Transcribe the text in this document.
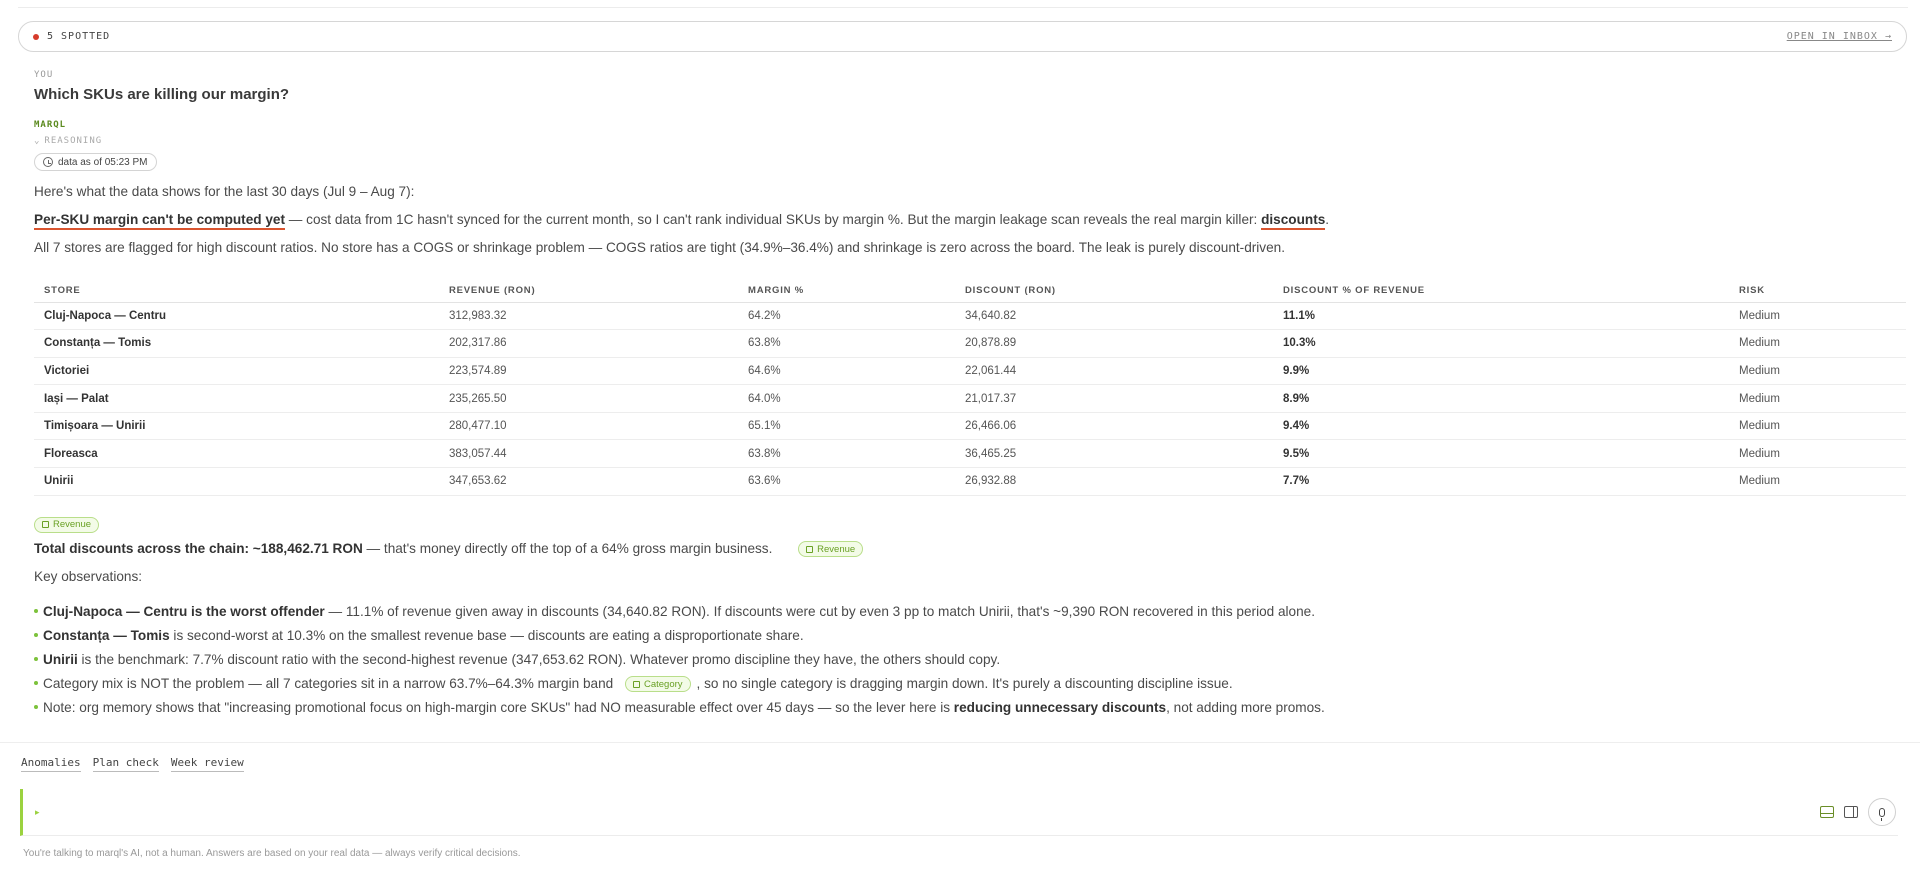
5 SPOTTED	OPEN IN INBOX →
YOU
Which SKUs are killing our margin?
MARQL
⌄ REASONING
data as of 05:23 PM

Here's what the data shows for the last 30 days (Jul 9 – Aug 7):

Per-SKU margin can't be computed yet — cost data from 1C hasn't synced for the current month, so I can't rank individual SKUs by margin %. But the margin leakage scan reveals the real margin killer: discounts.

All 7 stores are flagged for high discount ratios. No store has a COGS or shrinkage problem — COGS ratios are tight (34.9%–36.4%) and shrinkage is zero across the board. The leak is purely discount-driven.

STORE	REVENUE (RON)	MARGIN %	DISCOUNT (RON)	DISCOUNT % OF REVENUE	RISK
Cluj-Napoca — Centru	312,983.32	64.2%	34,640.82	11.1%	Medium
Constanța — Tomis	202,317.86	63.8%	20,878.89	10.3%	Medium
Victoriei	223,574.89	64.6%	22,061.44	9.9%	Medium
Iași — Palat	235,265.50	64.0%	21,017.37	8.9%	Medium
Timișoara — Unirii	280,477.10	65.1%	26,466.06	9.4%	Medium
Floreasca	383,057.44	63.8%	36,465.25	9.5%	Medium
Unirii	347,653.62	63.6%	26,932.88	7.7%	Medium
Revenue

Total discounts across the chain: ~188,462.71 RON — that's money directly off the top of a 64% gross margin business.	Revenue

Key observations:

Cluj-Napoca — Centru is the worst offender — 11.1% of revenue given away in discounts (34,640.82 RON). If discounts were cut by even 3 pp to match Unirii, that's ~9,390 RON recovered in this period alone.
Constanța — Tomis is second-worst at 10.3% on the smallest revenue base — discounts are eating a disproportionate share.
Unirii is the benchmark: 7.7% discount ratio with the second-highest revenue (347,653.62 RON). Whatever promo discipline they have, the others should copy.
Category mix is NOT the problem — all 7 categories sit in a narrow 63.7%–64.3% margin band	Category , so no single category is dragging margin down. It's purely a discounting discipline issue.
Note: org memory shows that "increasing promotional focus on high-margin core SKUs" had NO measurable effect over 45 days — so the lever here is reducing unnecessary discounts, not adding more promos.
Anomalies Plan check Week review
▸
You're talking to marql's AI, not a human. Answers are based on your real data — always verify critical decisions.
